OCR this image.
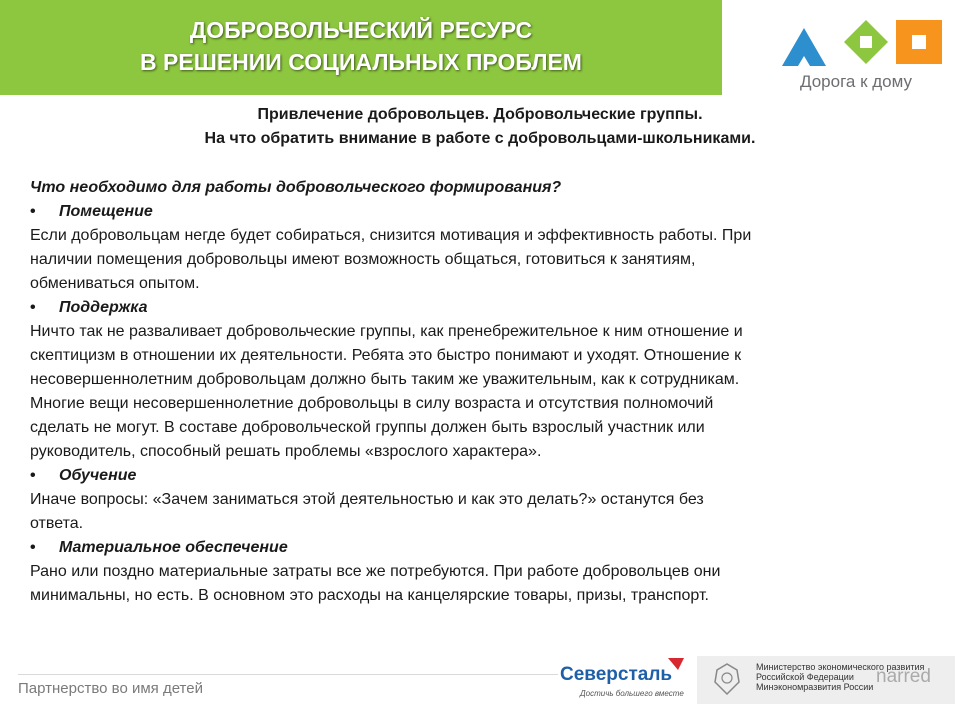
ДОБРОВОЛЬЧЕСКИЙ РЕСУРС
В РЕШЕНИИ СОЦИАЛЬНЫХ ПРОБЛЕМ
Дорога к дому
Привлечение добровольцев. Добровольческие группы.
На что обратить внимание в работе с добровольцами-школьниками.
Что необходимо для работы добровольческого формирования?
• Помещение
Если добровольцам негде будет собираться, снизится мотивация и эффективность работы. При
наличии помещения добровольцы имеют возможность общаться, готовиться к занятиям,
обмениваться опытом.
• Поддержка
Ничто так не разваливает добровольческие группы, как пренебрежительное к ним отношение и
скептицизм в отношении их деятельности. Ребята это быстро понимают и уходят. Отношение к
несовершеннолетним добровольцам должно быть таким же уважительным, как к сотрудникам.
Многие вещи несовершеннолетние добровольцы в силу возраста и отсутствия полномочий
сделать не могут. В составе добровольческой группы должен быть взрослый участник или
руководитель, способный решать проблемы «взрослого характера».
• Обучение
Иначе вопросы: «Зачем заниматься этой деятельностью и как это делать?» останутся без
ответа.
• Материальное обеспечение
Рано или поздно материальные затраты все же потребуются. При работе добровольцев они
минимальны, но есть. В основном это расходы на канцелярские товары, призы, транспорт.
Партнерство во имя детей
Северсталь
Достичь большего вместе
Министерство экономического развития
Российской Федерации
Минэкономразвития России narred
